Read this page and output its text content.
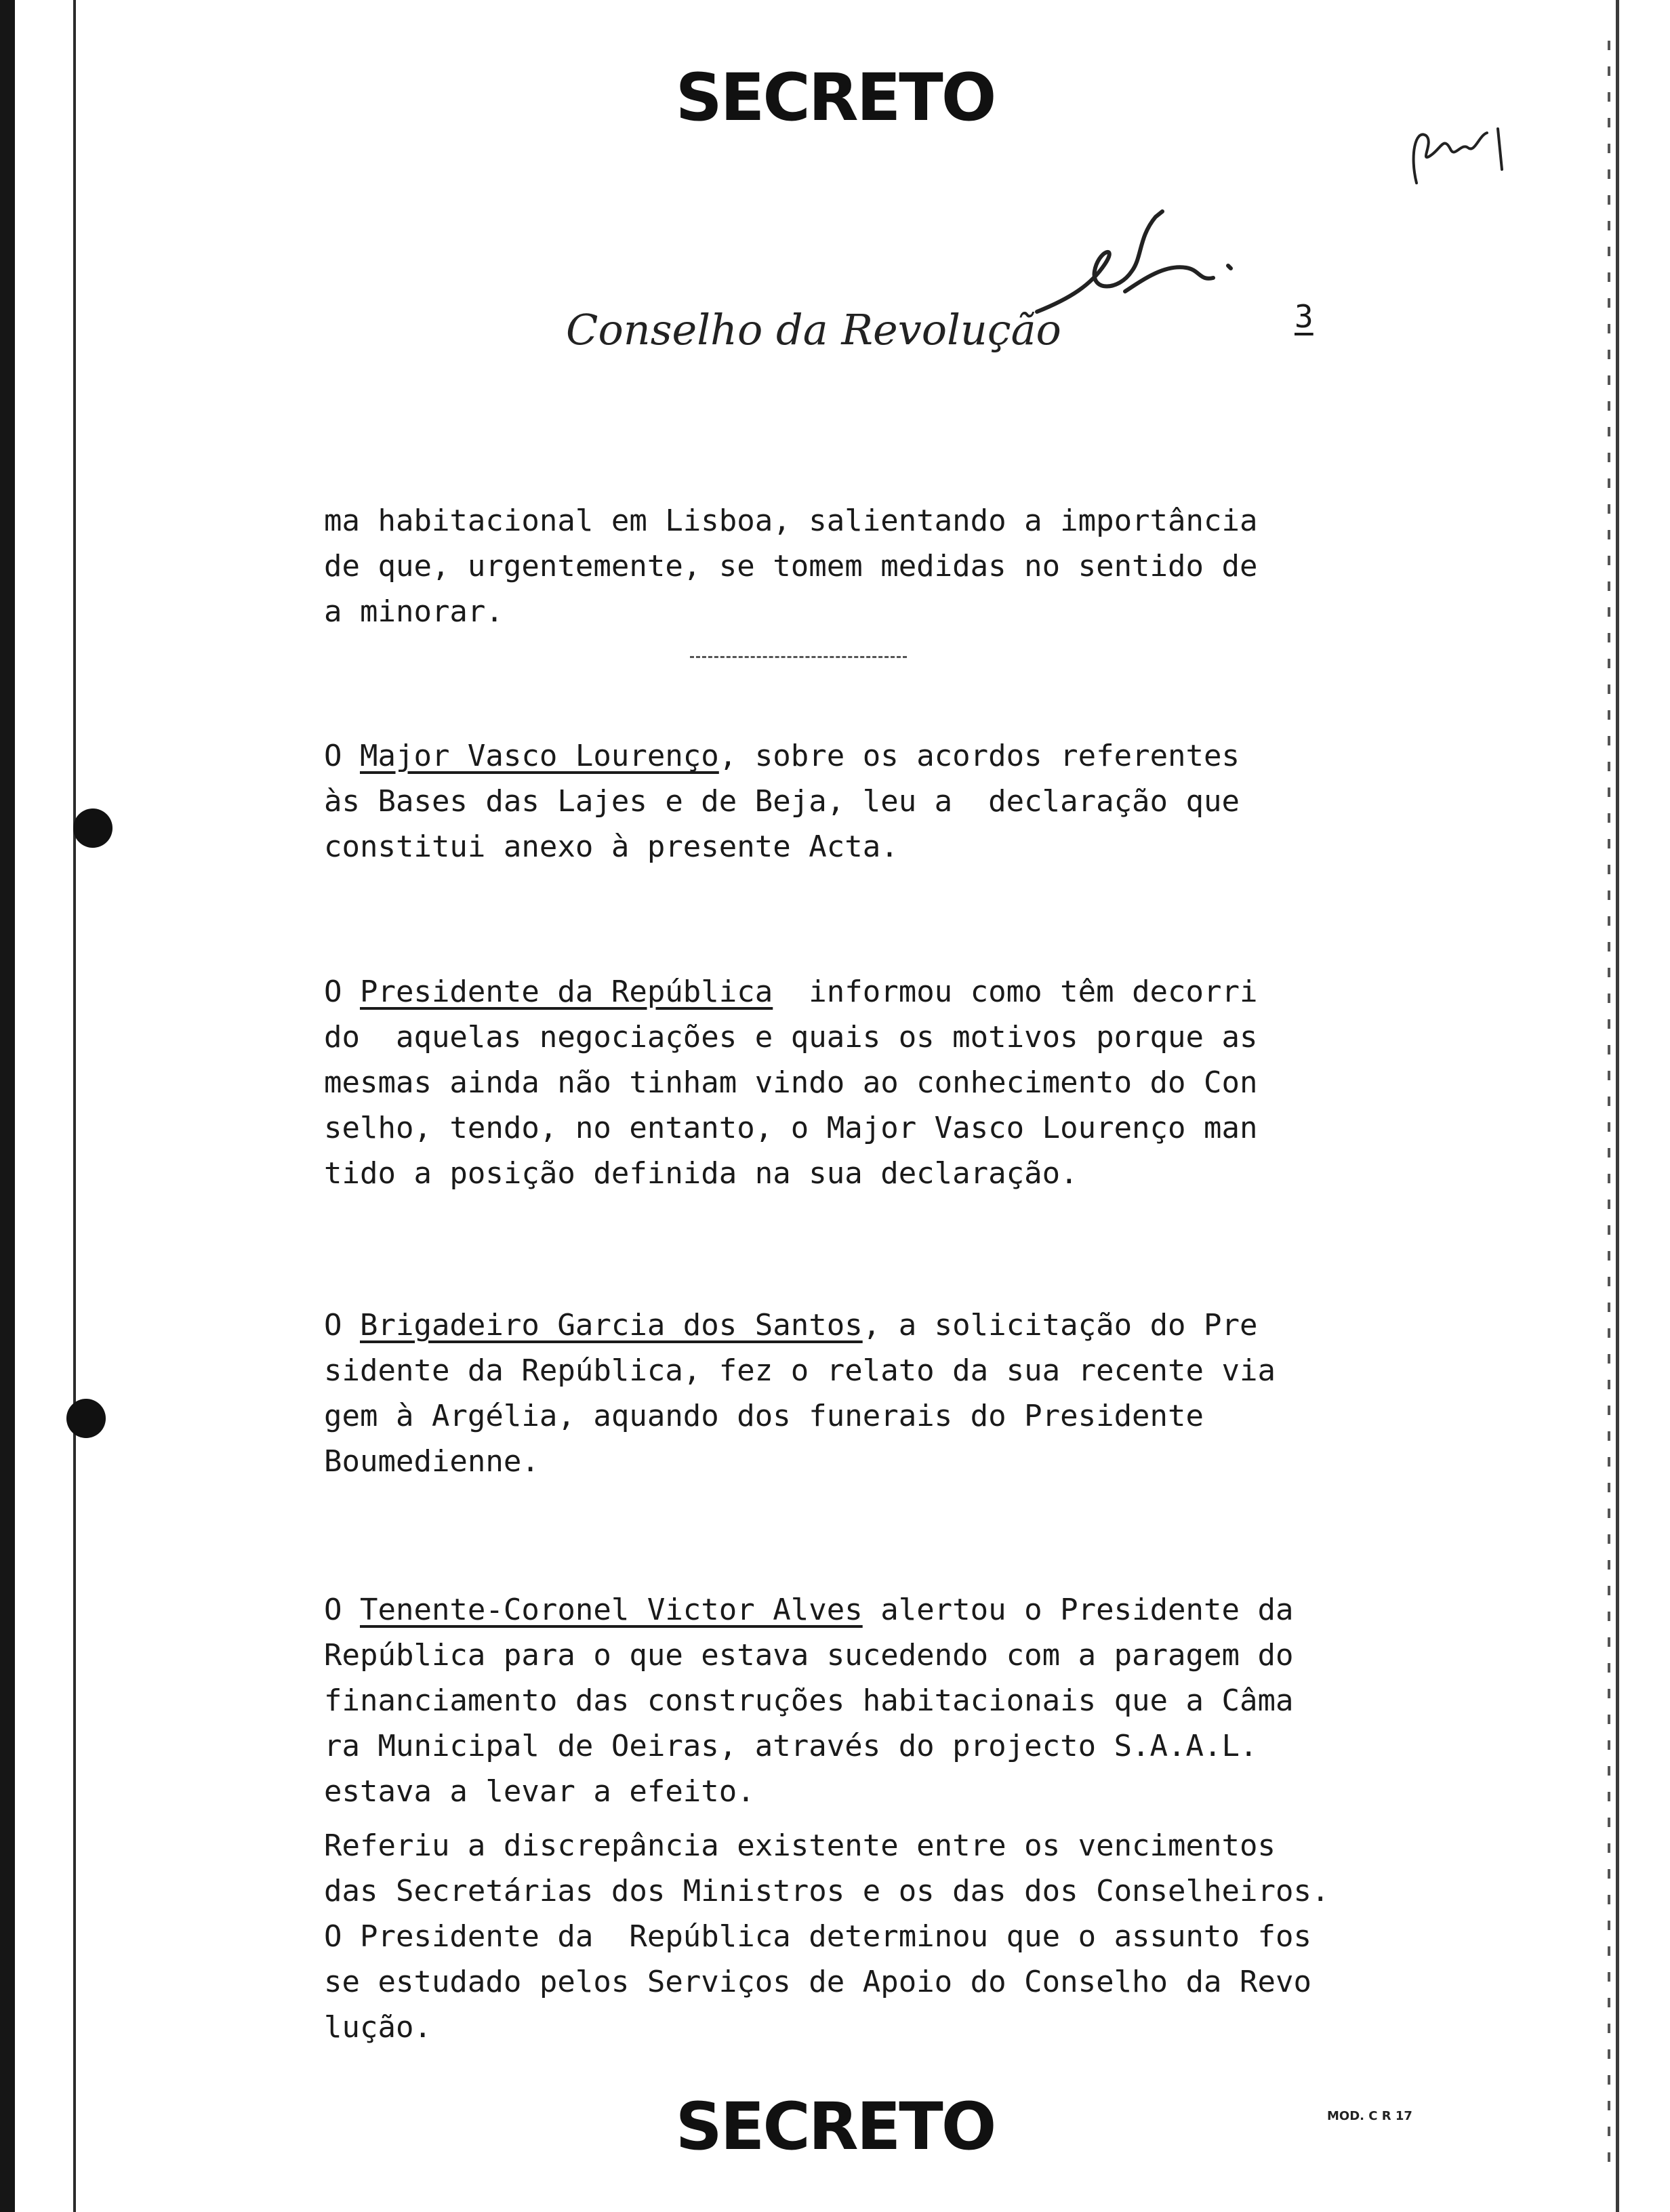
SECRETO
Conselho da Revolução	3
ma habitacional em Lisboa, salientando a importância
de que, urgentemente, se tomem medidas no sentido de
a minorar.
O Major Vasco Lourenço, sobre os acordos referentes
às Bases das Lajes e de Beja, leu a  declaração que
constitui anexo à presente Acta.
O Presidente da República  informou como têm decorri
do  aquelas negociações e quais os motivos porque as
mesmas ainda não tinham vindo ao conhecimento do Con
selho, tendo, no entanto, o Major Vasco Lourenço man
tido a posição definida na sua declaração.
O Brigadeiro Garcia dos Santos, a solicitação do Pre
sidente da República, fez o relato da sua recente via
gem à Argélia, aquando dos funerais do Presidente
Boumedienne.
O Tenente-Coronel Victor Alves alertou o Presidente da
República para o que estava sucedendo com a paragem do
financiamento das construções habitacionais que a Câma
ra Municipal de Oeiras, através do projecto S.A.A.L.
estava a levar a efeito.
Referiu a discrepância existente entre os vencimentos
das Secretárias dos Ministros e os das dos Conselheiros.
O Presidente da  República determinou que o assunto fos
se estudado pelos Serviços de Apoio do Conselho da Revo
lução.
SECRETO	MOD. C R 17
